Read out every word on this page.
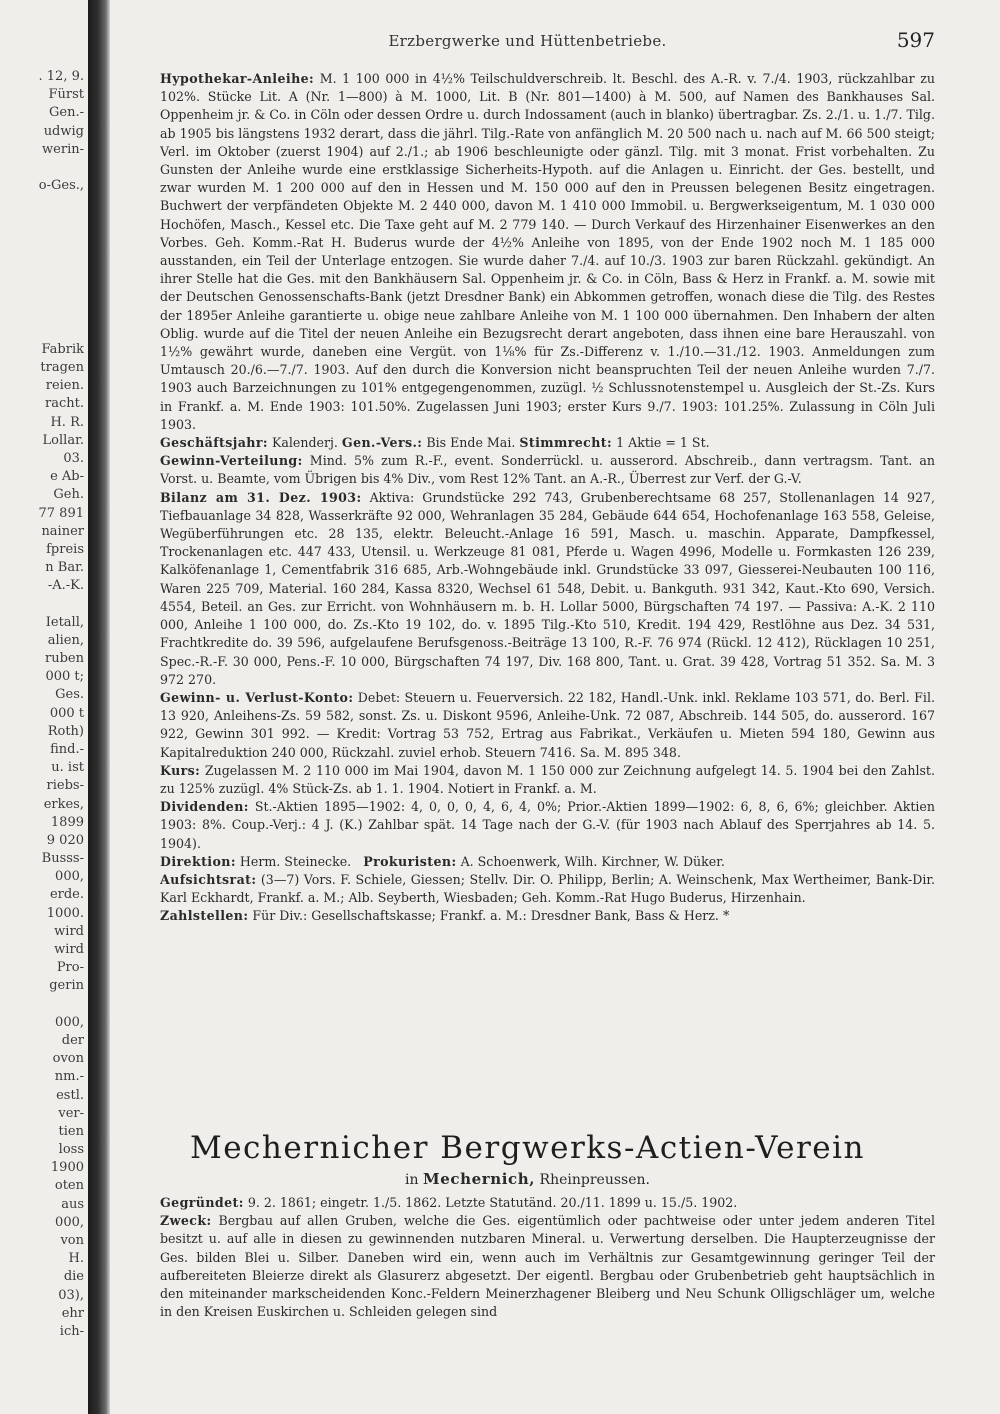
. 12, 9.
Fürst
Gen.-
udwig
werin-
o-Ges.,
Fabrik
tragen
reien.
racht.
H. R.
Lollar.
03.
e Ab-
Geh.
77 891
nainer
fpreis
n Bar.
-A.-K.
Ietall,
alien,
ruben
000 t;
Ges.
000 t
Roth)
find.-
u. ist
riebs-
erkes,
1899
9 020
Busss-
000,
erde.
1000.
wird
wird
Pro-
gerin
000,
der
ovon
nm.-
estl.
ver-
tien
loss
1900
oten
aus
000,
von
H.
die
03),
ehr
ich-
Erzbergwerke und Hüttenbetriebe.	597

Hypothekar-Anleihe: M. 1 100 000 in 4½% Teilschuldverschreib. lt. Beschl. des A.-R. v. 7./4. 1903, rückzahlbar zu 102%. Stücke Lit. A (Nr. 1—800) à M. 1000, Lit. B (Nr. 801—1400) à M. 500, auf Namen des Bankhauses Sal. Oppenheim jr. & Co. in Cöln oder dessen Ordre u. durch Indossament (auch in blanko) übertragbar. Zs. 2./1. u. 1./7. Tilg. ab 1905 bis längstens 1932 derart, dass die jährl. Tilg.-Rate von anfänglich M. 20 500 nach u. nach auf M. 66 500 steigt; Verl. im Oktober (zuerst 1904) auf 2./1.; ab 1906 beschleunigte oder gänzl. Tilg. mit 3 monat. Frist vorbehalten. Zu Gunsten der Anleihe wurde eine erstklassige Sicherheits-Hypoth. auf die Anlagen u. Einricht. der Ges. bestellt, und zwar wurden M. 1 200 000 auf den in Hessen und M. 150 000 auf den in Preussen belegenen Besitz eingetragen. Buchwert der verpfändeten Objekte M. 2 440 000, davon M. 1 410 000 Immobil. u. Bergwerkseigentum, M. 1 030 000 Hochöfen, Masch., Kessel etc. Die Taxe geht auf M. 2 779 140. — Durch Verkauf des Hirzenhainer Eisenwerkes an den Vorbes. Geh. Komm.-Rat H. Buderus wurde der 4½% Anleihe von 1895, von der Ende 1902 noch M. 1 185 000 ausstanden, ein Teil der Unterlage entzogen. Sie wurde daher 7./4. auf 10./3. 1903 zur baren Rückzahl. gekündigt. An ihrer Stelle hat die Ges. mit den Bankhäusern Sal. Oppenheim jr. & Co. in Cöln, Bass & Herz in Frankf. a. M. sowie mit der Deutschen Genossenschafts-Bank (jetzt Dresdner Bank) ein Abkommen getroffen, wonach diese die Tilg. des Restes der 1895er Anleihe garantierte u. obige neue zahlbare Anleihe von M. 1 100 000 übernahmen. Den Inhabern der alten Oblig. wurde auf die Titel der neuen Anleihe ein Bezugsrecht derart angeboten, dass ihnen eine bare Herauszahl. von 1½% gewährt wurde, daneben eine Vergüt. von 1⅛% für Zs.-Differenz v. 1./10.—31./12. 1903. Anmeldungen zum Umtausch 20./6.—7./7. 1903. Auf den durch die Konversion nicht beanspruchten Teil der neuen Anleihe wurden 7./7. 1903 auch Barzeichnungen zu 101% entgegengenommen, zuzügl. ½ Schlussnotenstempel u. Ausgleich der St.-Zs. Kurs in Frankf. a. M. Ende 1903: 101.50%. Zugelassen Juni 1903; erster Kurs 9./7. 1903: 101.25%. Zulassung in Cöln Juli 1903.

Geschäftsjahr: Kalenderj. Gen.-Vers.: Bis Ende Mai. Stimmrecht: 1 Aktie = 1 St.

Gewinn-Verteilung: Mind. 5% zum R.-F., event. Sonderrückl. u. ausserord. Abschreib., dann vertragsm. Tant. an Vorst. u. Beamte, vom Übrigen bis 4% Div., vom Rest 12% Tant. an A.-R., Überrest zur Verf. der G.-V.

Bilanz am 31. Dez. 1903: Aktiva: Grundstücke 292 743, Grubenberechtsame 68 257, Stollenanlagen 14 927, Tiefbauanlage 34 828, Wasserkräfte 92 000, Wehranlagen 35 284, Gebäude 644 654, Hochofenanlage 163 558, Geleise, Wegüberführungen etc. 28 135, elektr. Beleucht.-Anlage 16 591, Masch. u. maschin. Apparate, Dampfkessel, Trockenanlagen etc. 447 433, Utensil. u. Werkzeuge 81 081, Pferde u. Wagen 4996, Modelle u. Formkasten 126 239, Kalköfenanlage 1, Cementfabrik 316 685, Arb.-Wohngebäude inkl. Grundstücke 33 097, Giesserei-Neubauten 100 116, Waren 225 709, Material. 160 284, Kassa 8320, Wechsel 61 548, Debit. u. Bankguth. 931 342, Kaut.-Kto 690, Versich. 4554, Beteil. an Ges. zur Erricht. von Wohnhäusern m. b. H. Lollar 5000, Bürgschaften 74 197. — Passiva: A.-K. 2 110 000, Anleihe 1 100 000, do. Zs.-Kto 19 102, do. v. 1895 Tilg.-Kto 510, Kredit. 194 429, Restlöhne aus Dez. 34 531, Frachtkredite do. 39 596, aufgelaufene Berufsgenoss.-Beiträge 13 100, R.-F. 76 974 (Rückl. 12 412), Rücklagen 10 251, Spec.-R.-F. 30 000, Pens.-F. 10 000, Bürgschaften 74 197, Div. 168 800, Tant. u. Grat. 39 428, Vortrag 51 352. Sa. M. 3 972 270.

Gewinn- u. Verlust-Konto: Debet: Steuern u. Feuerversich. 22 182, Handl.-Unk. inkl. Reklame 103 571, do. Berl. Fil. 13 920, Anleihens-Zs. 59 582, sonst. Zs. u. Diskont 9596, Anleihe-Unk. 72 087, Abschreib. 144 505, do. ausserord. 167 922, Gewinn 301 992. — Kredit: Vortrag 53 752, Ertrag aus Fabrikat., Verkäufen u. Mieten 594 180, Gewinn aus Kapitalreduktion 240 000, Rückzahl. zuviel erhob. Steuern 7416. Sa. M. 895 348.

Kurs: Zugelassen M. 2 110 000 im Mai 1904, davon M. 1 150 000 zur Zeichnung aufgelegt 14. 5. 1904 bei den Zahlst. zu 125% zuzügl. 4% Stück-Zs. ab 1. 1. 1904. Notiert in Frankf. a. M.

Dividenden: St.-Aktien 1895—1902: 4, 0, 0, 0, 4, 6, 4, 0%; Prior.-Aktien 1899—1902: 6, 8, 6, 6%; gleichber. Aktien 1903: 8%. Coup.-Verj.: 4 J. (K.) Zahlbar spät. 14 Tage nach der G.-V. (für 1903 nach Ablauf des Sperrjahres ab 14. 5. 1904).

Direktion: Herm. Steinecke. Prokuristen: A. Schoenwerk, Wilh. Kirchner, W. Düker.

Aufsichtsrat: (3—7) Vors. F. Schiele, Giessen; Stellv. Dir. O. Philipp, Berlin; A. Weinschenk, Max Wertheimer, Bank-Dir. Karl Eckhardt, Frankf. a. M.; Alb. Seyberth, Wiesbaden; Geh. Komm.-Rat Hugo Buderus, Hirzenhain.

Zahlstellen: Für Div.: Gesellschaftskasse; Frankf. a. M.: Dresdner Bank, Bass & Herz. *

Mechernicher Bergwerks-Actien-Verein
in Mechernich, Rheinpreussen.

Gegründet: 9. 2. 1861; eingetr. 1./5. 1862. Letzte Statutänd. 20./11. 1899 u. 15./5. 1902.

Zweck: Bergbau auf allen Gruben, welche die Ges. eigentümlich oder pachtweise oder unter jedem anderen Titel besitzt u. auf alle in diesen zu gewinnenden nutzbaren Mineral. u. Verwertung derselben. Die Haupterzeugnisse der Ges. bilden Blei u. Silber. Daneben wird ein, wenn auch im Verhältnis zur Gesamtgewinnung geringer Teil der aufbereiteten Bleierze direkt als Glasurerz abgesetzt. Der eigentl. Bergbau oder Grubenbetrieb geht hauptsächlich in den miteinander markscheidenden Konc.-Feldern Meinerzhagener Bleiberg und Neu Schunk Olligschläger um, welche in den Kreisen Euskirchen u. Schleiden gelegen sind
